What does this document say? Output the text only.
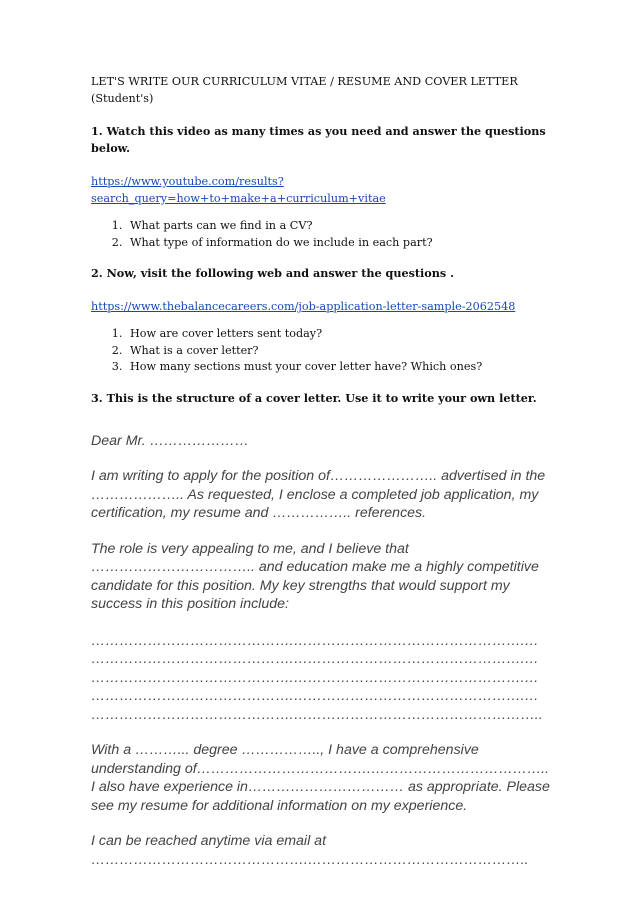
LET'S WRITE OUR CURRICULUM VITAE / RESUME AND COVER LETTER

(Student's)

1. Watch this video as many times as you need and answer the questions below.

https://www.youtube.com/results?
search_query=how+to+make+a+curriculum+vitae

1. What parts can we find in a CV?
2. What type of information do we include in each part?

2. Now, visit the following web and answer the questions .

https://www.thebalancecareers.com/job-application-letter-sample-2062548

1. How are cover letters sent today?
2. What is a cover letter?
3. How many sections must your cover letter have? Which ones?

3. This is the structure of a cover letter. Use it to write your own letter.

Dear Mr. …………………

I am writing to apply for the position of………………….. advertised in the ……………….. As requested, I enclose a completed job application, my certification, my resume and …………….. references.

The role is very appealing to me, and I believe that …………………………….. and education make me a highly competitive candidate for this position. My key strengths that would support my success in this position include:

…………………………………….………………………………………….…

…………………………………….………………………………………….…

…………………………………….………………………………………….…

…………………………………….………………………………………….…

…………………………………….……………………………………………..

With a ………... degree …………….., I have a comprehensive understanding of……………………………….……………………………….. I also have experience in…………………………… as appropriate. Please see my resume for additional information on my experience.

I can be reached anytime via email at ……………………………………….………………………………………..
